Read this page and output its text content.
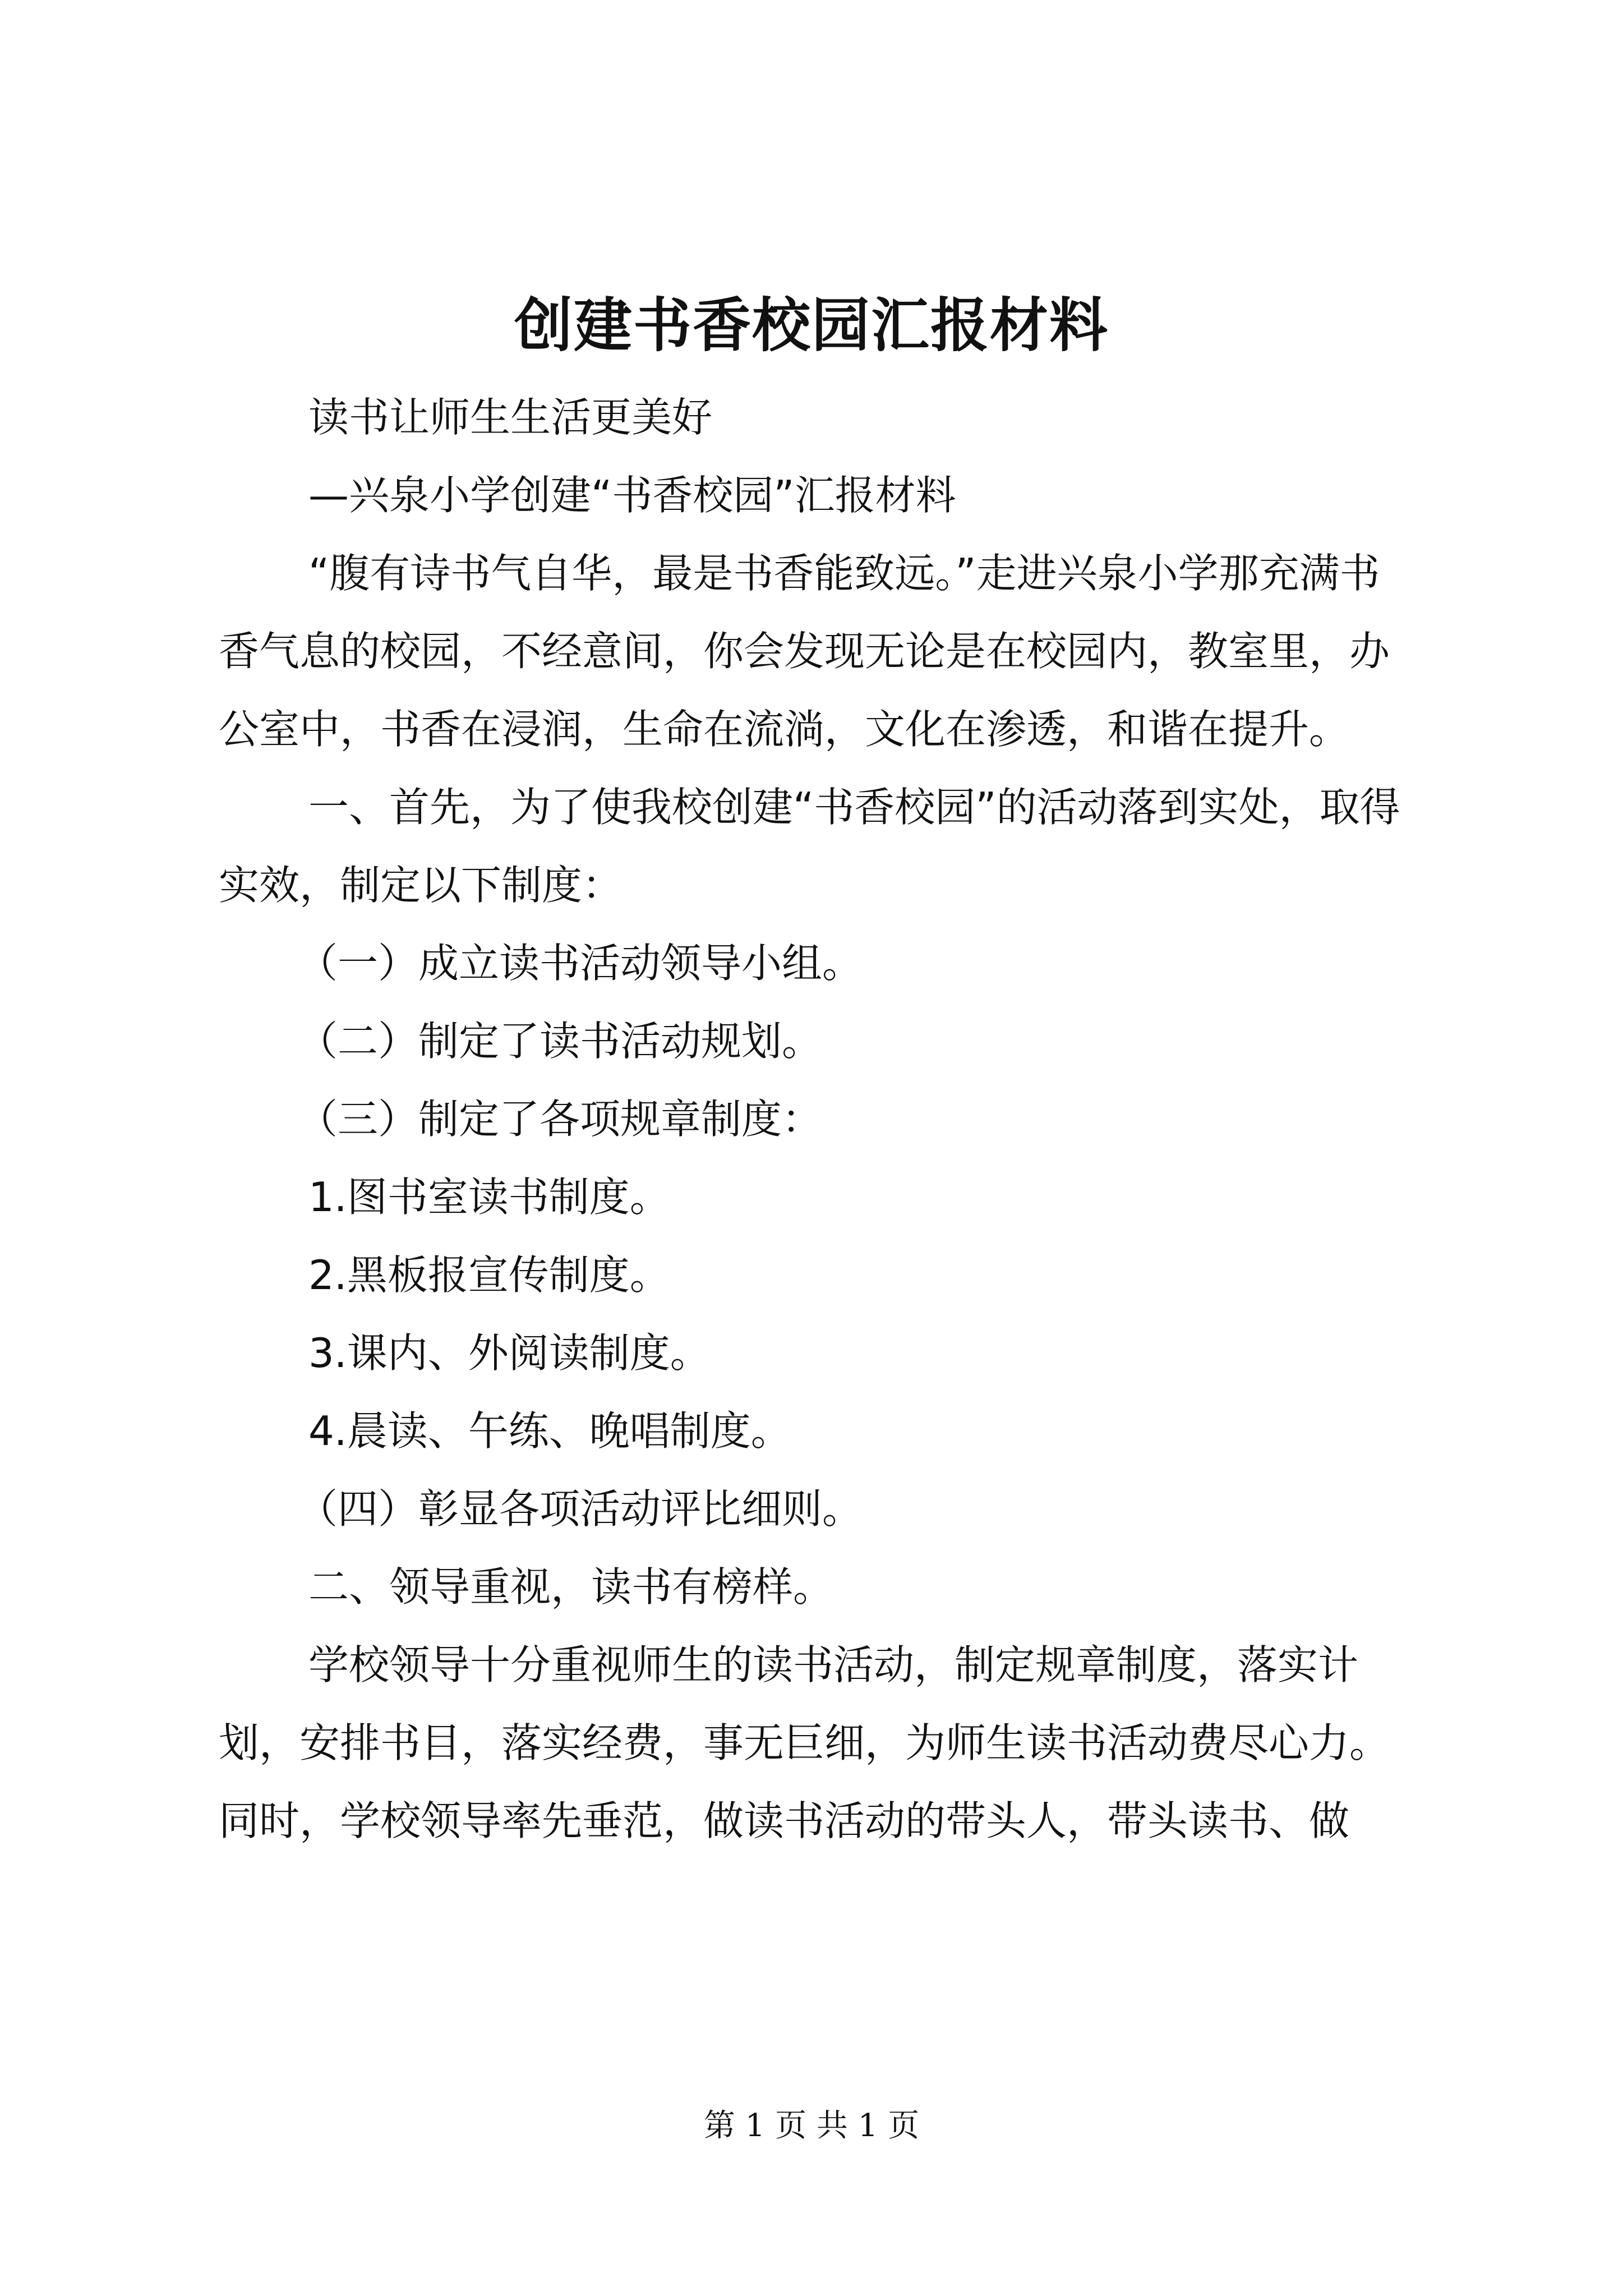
创建书香校园汇报材料

读书让师生生活更美好

—兴泉小学创建“书香校园”汇报材料

“腹有诗书气自华，最是书香能致远。”走进兴泉小学那充满书香气息的校园，不经意间，你会发现无论是在校园内，教室里，办公室中，书香在浸润，生命在流淌，文化在渗透，和谐在提升。

一、首先，为了使我校创建“书香校园”的活动落到实处，取得实效，制定以下制度：

（一）成立读书活动领导小组。

（二）制定了读书活动规划。

（三）制定了各项规章制度：

1.图书室读书制度。

2.黑板报宣传制度。

3.课内、外阅读制度。

4.晨读、午练、晚唱制度。

（四）彰显各项活动评比细则。

二、领导重视，读书有榜样。

学校领导十分重视师生的读书活动，制定规章制度，落实计划，安排书目，落实经费，事无巨细，为师生读书活动费尽心力。同时，学校领导率先垂范，做读书活动的带头人，带头读书、做

第 1 页 共 1 页
